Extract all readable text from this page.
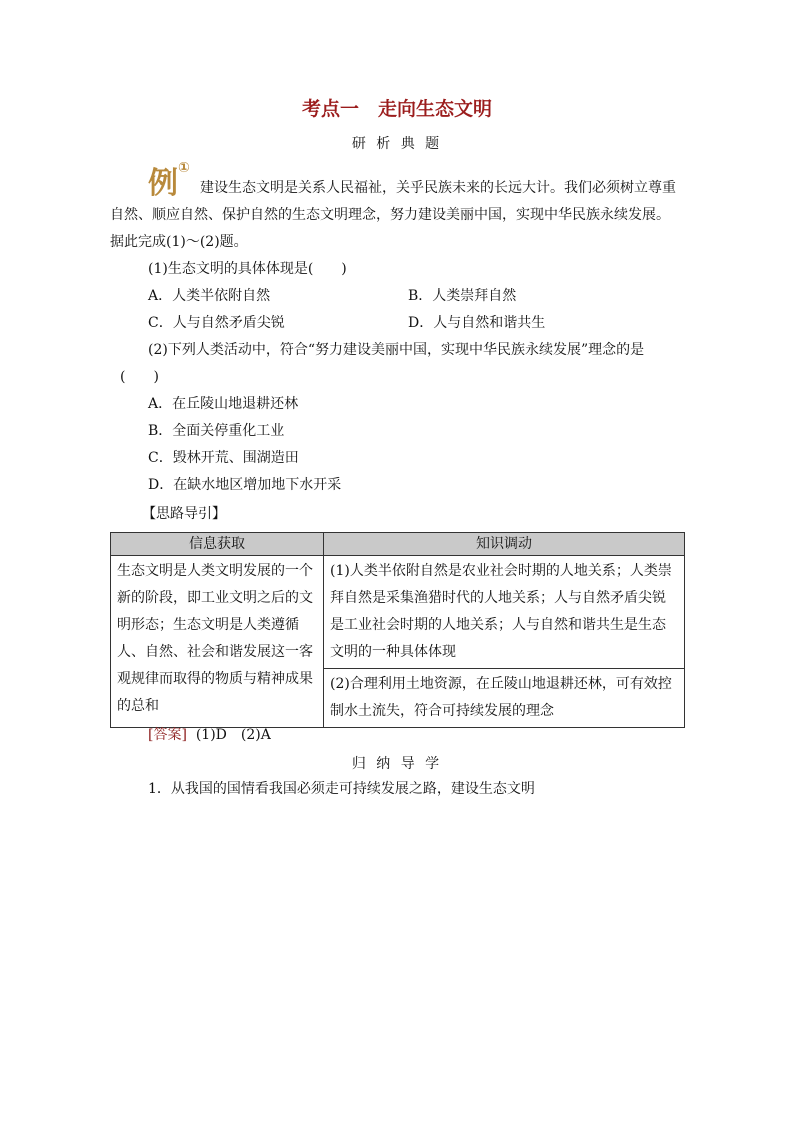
考点一　走向生态文明
研 析 典 题
例①
建设生态文明是关系人民福祉，关乎民族未来的长远大计。我们必须树立尊重
自然、顺应自然、保护自然的生态文明理念，努力建设美丽中国，实现中华民族永续发展。
据此完成(1)～(2)题。
(1)生态文明的具体体现是(　　)
A．人类半依附自然	B．人类崇拜自然
C．人与自然矛盾尖锐	D．人与自然和谐共生
(2)下列人类活动中，符合“努力建设美丽中国，实现中华民族永续发展”理念的是
(　　)
A．在丘陵山地退耕还林
B．全面关停重化工业
C．毁林开荒、围湖造田
D．在缺水地区增加地下水开采
【思路导引】
信息获取	知识调动
生态文明是人类文明发展的一个新的阶段，即工业文明之后的文明形态；生态文明是人类遵循人、自然、社会和谐发展这一客观规律而取得的物质与精神成果的总和	(1)人类半依附自然是农业社会时期的人地关系；人类崇拜自然是采集渔猎时代的人地关系；人与自然矛盾尖锐是工业社会时期的人地关系；人与自然和谐共生是生态文明的一种具体体现
	(2)合理利用土地资源，在丘陵山地退耕还林，可有效控制水土流失，符合可持续发展的理念
[答案] (1)D　(2)A
归 纳 导 学
1．从我国的国情看我国必须走可持续发展之路，建设生态文明
